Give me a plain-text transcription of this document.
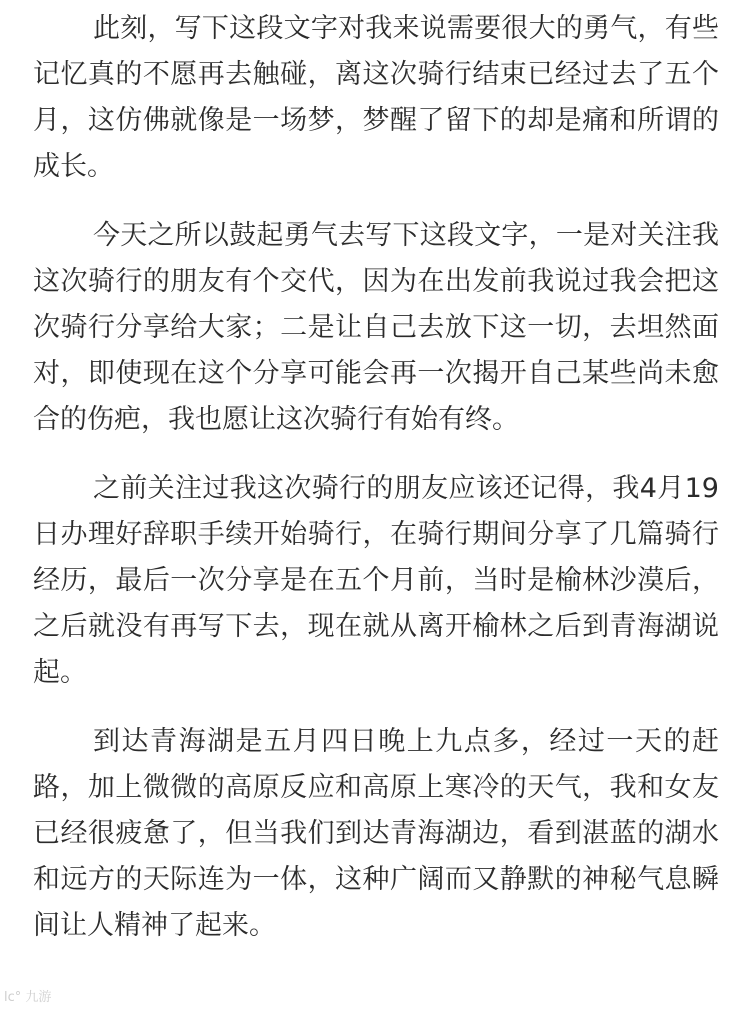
此刻，写下这段文字对我来说需要很大的勇气，有些记忆真的不愿再去触碰，离这次骑行结束已经过去了五个月，这仿佛就像是一场梦，梦醒了留下的却是痛和所谓的成长。

今天之所以鼓起勇气去写下这段文字，一是对关注我这次骑行的朋友有个交代，因为在出发前我说过我会把这次骑行分享给大家；二是让自己去放下这一切，去坦然面对，即使现在这个分享可能会再一次揭开自己某些尚未愈合的伤疤，我也愿让这次骑行有始有终。

之前关注过我这次骑行的朋友应该还记得，我4月19日办理好辞职手续开始骑行，在骑行期间分享了几篇骑行经历，最后一次分享是在五个月前，当时是榆林沙漠后，之后就没有再写下去，现在就从离开榆林之后到青海湖说起。

到达青海湖是五月四日晚上九点多，经过一天的赶路，加上微微的高原反应和高原上寒冷的天气，我和女友已经很疲惫了，但当我们到达青海湖边，看到湛蓝的湖水和远方的天际连为一体，这种广阔而又静默的神秘气息瞬间让人精神了起来。

lc° 九游
